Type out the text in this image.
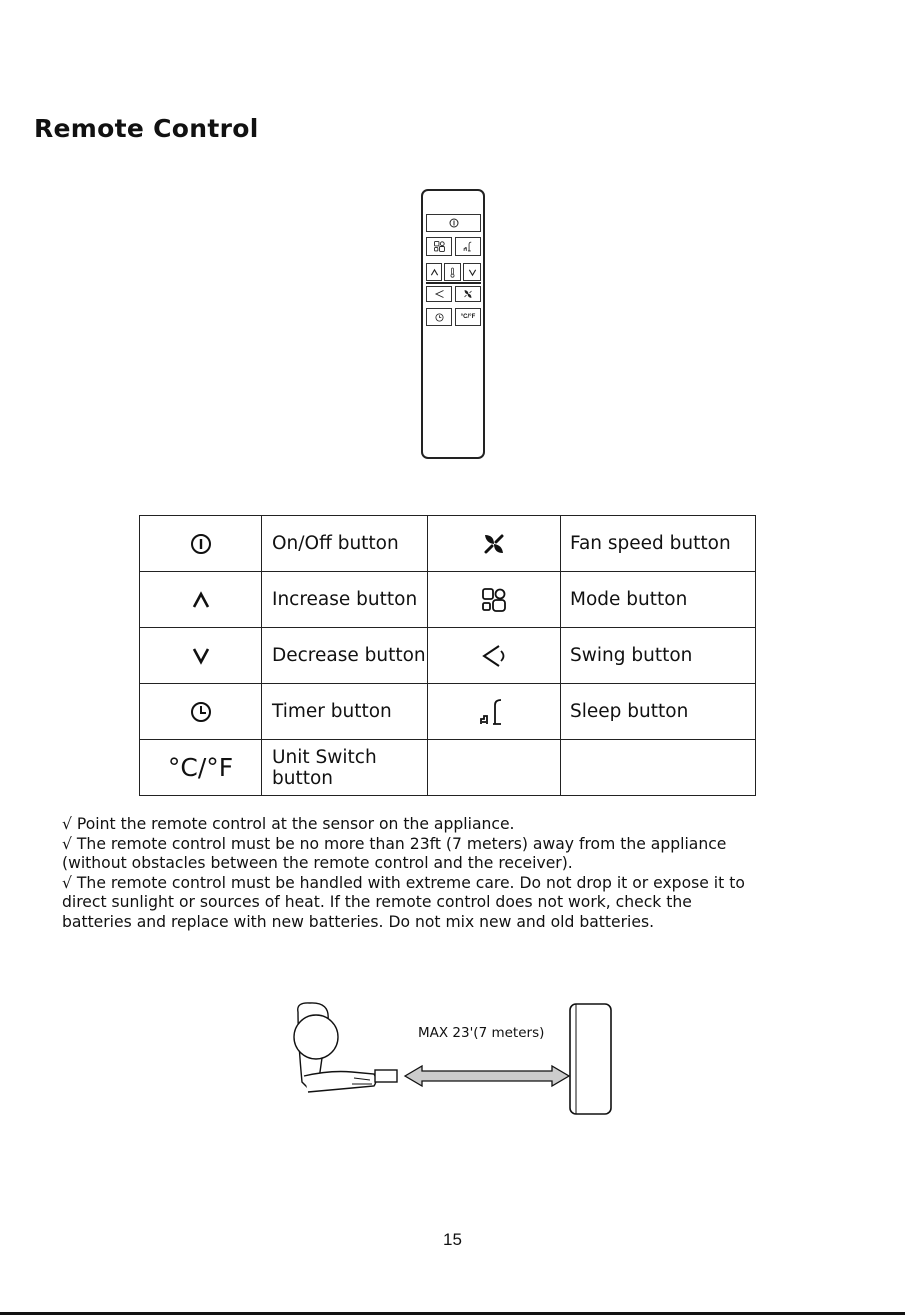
Remote Control
°C/°F
	On/Off button		Fan speed button
	Increase button		Mode button
	Decrease button		Swing button
	Timer button		Sleep button
°C/°F	Unit Switch button		

√ Point the remote control at the sensor on the appliance.

√ The remote control must be no more than 23ft (7 meters) away from the appliance (without obstacles between the remote control and the receiver).

√ The remote control must be handled with extreme care. Do not drop it or expose it to direct sunlight or sources of heat. If the remote control does not work, check the batteries and replace with new batteries. Do not mix new and old batteries.

MAX 23'(7 meters)
15
